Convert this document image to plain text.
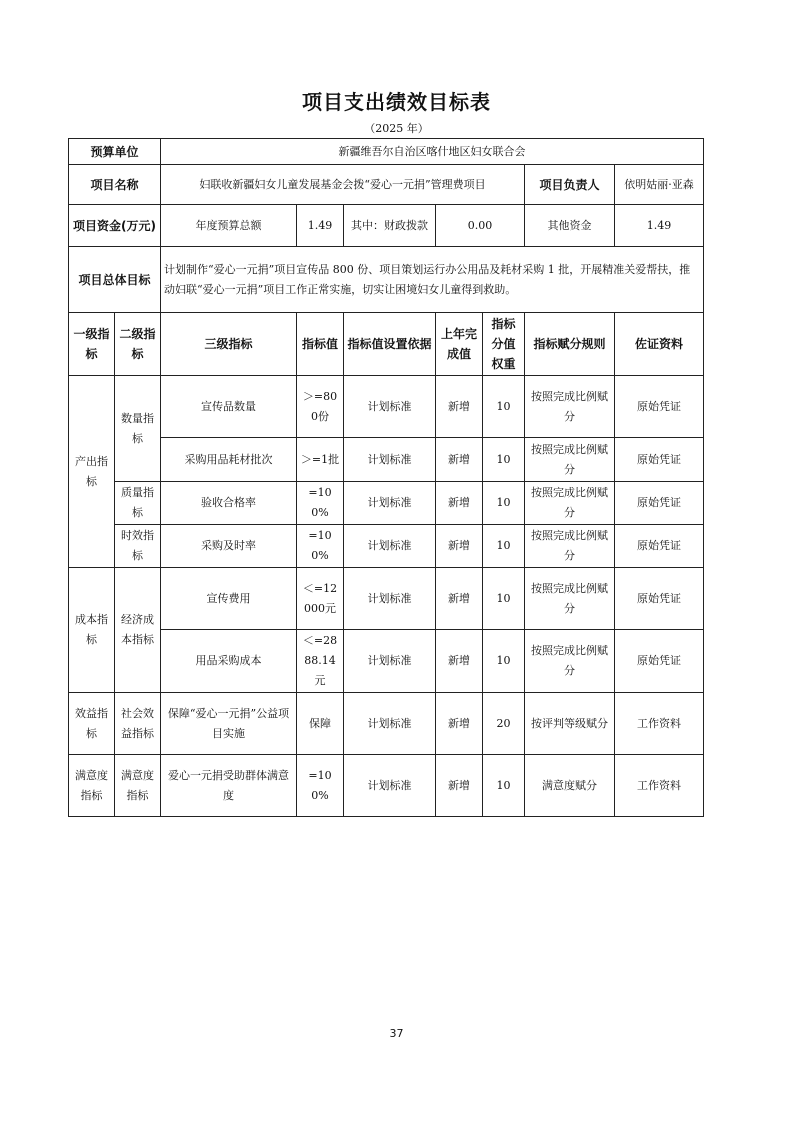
项目支出绩效目标表
（2025 年）
预算单位		新疆维吾尔自治区喀什地区妇女联合会						
项目名称		妇联收新疆妇女儿童发展基金会拨“爱心一元捐”管理费项目					项目负责人	依明姑丽·亚森
项目资金(万元)		年度预算总额	1.49	其中：财政拨款	0.00		其他资金	1.49
项目总体目标		计划制作“爱心一元捐”项目宣传品 800 份、项目策划运行办公用品及耗材采购 1 批，开展精准关爱帮扶，推动妇联“爱心一元捐”项目工作正常实施，切实让困境妇女儿童得到救助。						
一级指标	二级指标	三级指标	指标值	指标值设置依据	上年完成值	指标分值权重	指标赋分规则	佐证资料
产出指标	数量指标	宣传品数量	＞=800份	计划标准	新增	10	按照完成比例赋分	原始凭证
		采购用品耗材批次	＞=1批	计划标准	新增	10	按照完成比例赋分	原始凭证
	质量指标	验收合格率	=100%	计划标准	新增	10	按照完成比例赋分	原始凭证
	时效指标	采购及时率	=100%	计划标准	新增	10	按照完成比例赋分	原始凭证
成本指标	经济成本指标	宣传费用	＜=12000元	计划标准	新增	10	按照完成比例赋分	原始凭证
		用品采购成本	＜=2888.14元	计划标准	新增	10	按照完成比例赋分	原始凭证
效益指标	社会效益指标	保障“爱心一元捐”公益项目实施	保障	计划标准	新增	20	按评判等级赋分	工作资料
满意度指标	满意度指标	爱心一元捐受助群体满意度	=100%	计划标准	新增	10	满意度赋分	工作资料
37
